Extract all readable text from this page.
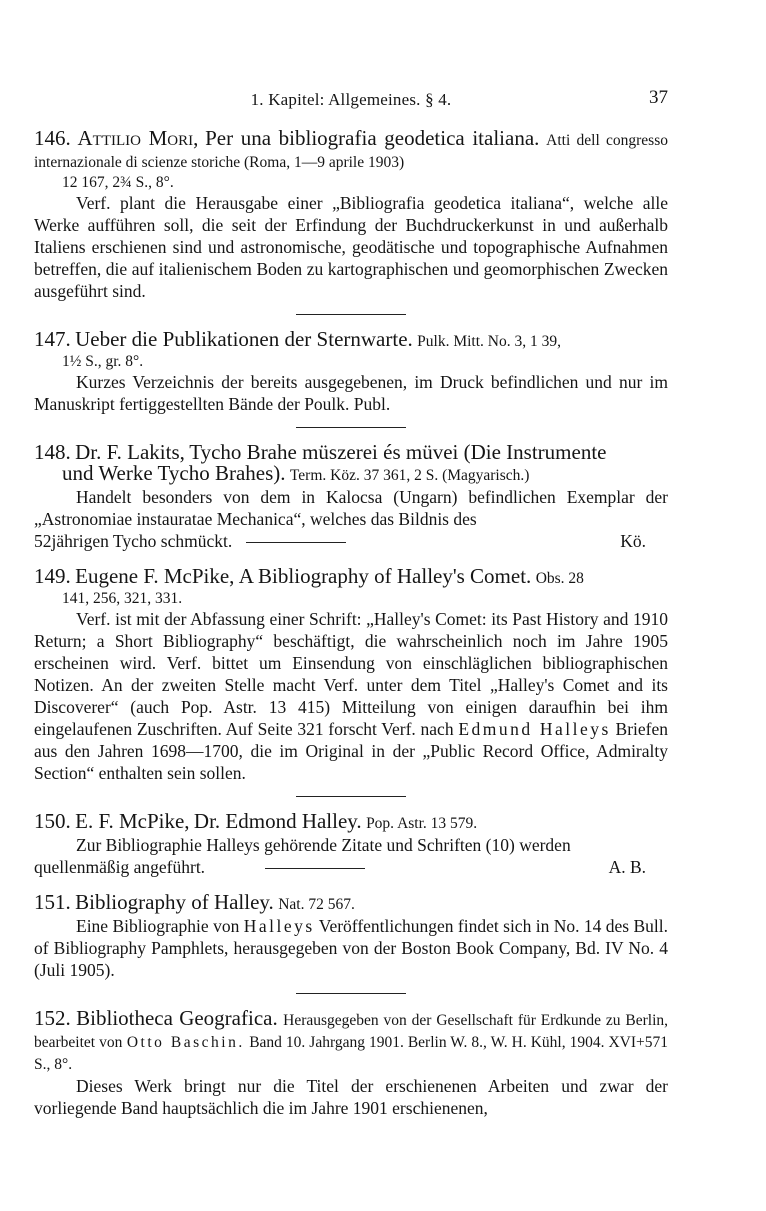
1. Kapitel: Allgemeines. § 4.	37
146. Attilio Mori, Per una bibliografia geodetica italiana. Atti dell congresso internazionale di scienze storiche (Roma, 1—9 aprile 1903)
12 167, 2¾ S., 8°.

Verf. plant die Herausgabe einer „Bibliografia geodetica italiana“, welche alle Werke aufführen soll, die seit der Erfindung der Buchdruckerkunst in und außerhalb Italiens erschienen sind und astronomische, geodätische und topographische Aufnahmen betreffen, die auf italienischem Boden zu kartographischen und geomorphischen Zwecken ausgeführt sind.

147. Ueber die Publikationen der Sternwarte. Pulk. Mitt. No. 3, 1 39,
1½ S., gr. 8°.

Kurzes Verzeichnis der bereits ausgegebenen, im Druck befindlichen und nur im Manuskript fertiggestellten Bände der Poulk. Publ.

148. Dr. F. Lakits, Tycho Brahe müszerei és müvei (Die Instrumente
und Werke Tycho Brahes). Term. Köz. 37 361, 2 S. (Magyarisch.)

Handelt besonders von dem in Kalocsa (Ungarn) befindlichen Exemplar der „Astronomiae instauratae Mechanica“, welches das Bildnis des

52jährigen Tycho schmückt.	Kö.

149. Eugene F. McPike, A Bibliography of Halley's Comet. Obs. 28
141, 256, 321, 331.

Verf. ist mit der Abfassung einer Schrift: „Halley's Comet: its Past History and 1910 Return; a Short Bibliography“ beschäftigt, die wahrscheinlich noch im Jahre 1905 erscheinen wird. Verf. bittet um Einsendung von einschläglichen bibliographischen Notizen. An der zweiten Stelle macht Verf. unter dem Titel „Halley's Comet and its Discoverer“ (auch Pop. Astr. 13 415) Mitteilung von einigen daraufhin bei ihm eingelaufenen Zuschriften. Auf Seite 321 forscht Verf. nach Edmund Halleys Briefen aus den Jahren 1698—1700, die im Original in der „Public Record Office, Admiralty Section“ enthalten sein sollen.

150. E. F. McPike, Dr. Edmond Halley. Pop. Astr. 13 579.

Zur Bibliographie Halleys gehörende Zitate und Schriften (10) werden

quellenmäßig angeführt.	A. B.

151. Bibliography of Halley. Nat. 72 567.

Eine Bibliographie von Halleys Veröffentlichungen findet sich in No. 14 des Bull. of Bibliography Pamphlets, herausgegeben von der Boston Book Company, Bd. IV No. 4 (Juli 1905).

152. Bibliotheca Geografica. Herausgegeben von der Gesellschaft für Erdkunde zu Berlin, bearbeitet von Otto Baschin. Band 10. Jahrgang 1901. Berlin W. 8., W. H. Kühl, 1904. XVI+571 S., 8°.

Dieses Werk bringt nur die Titel der erschienenen Arbeiten und zwar der vorliegende Band hauptsächlich die im Jahre 1901 erschienenen,
